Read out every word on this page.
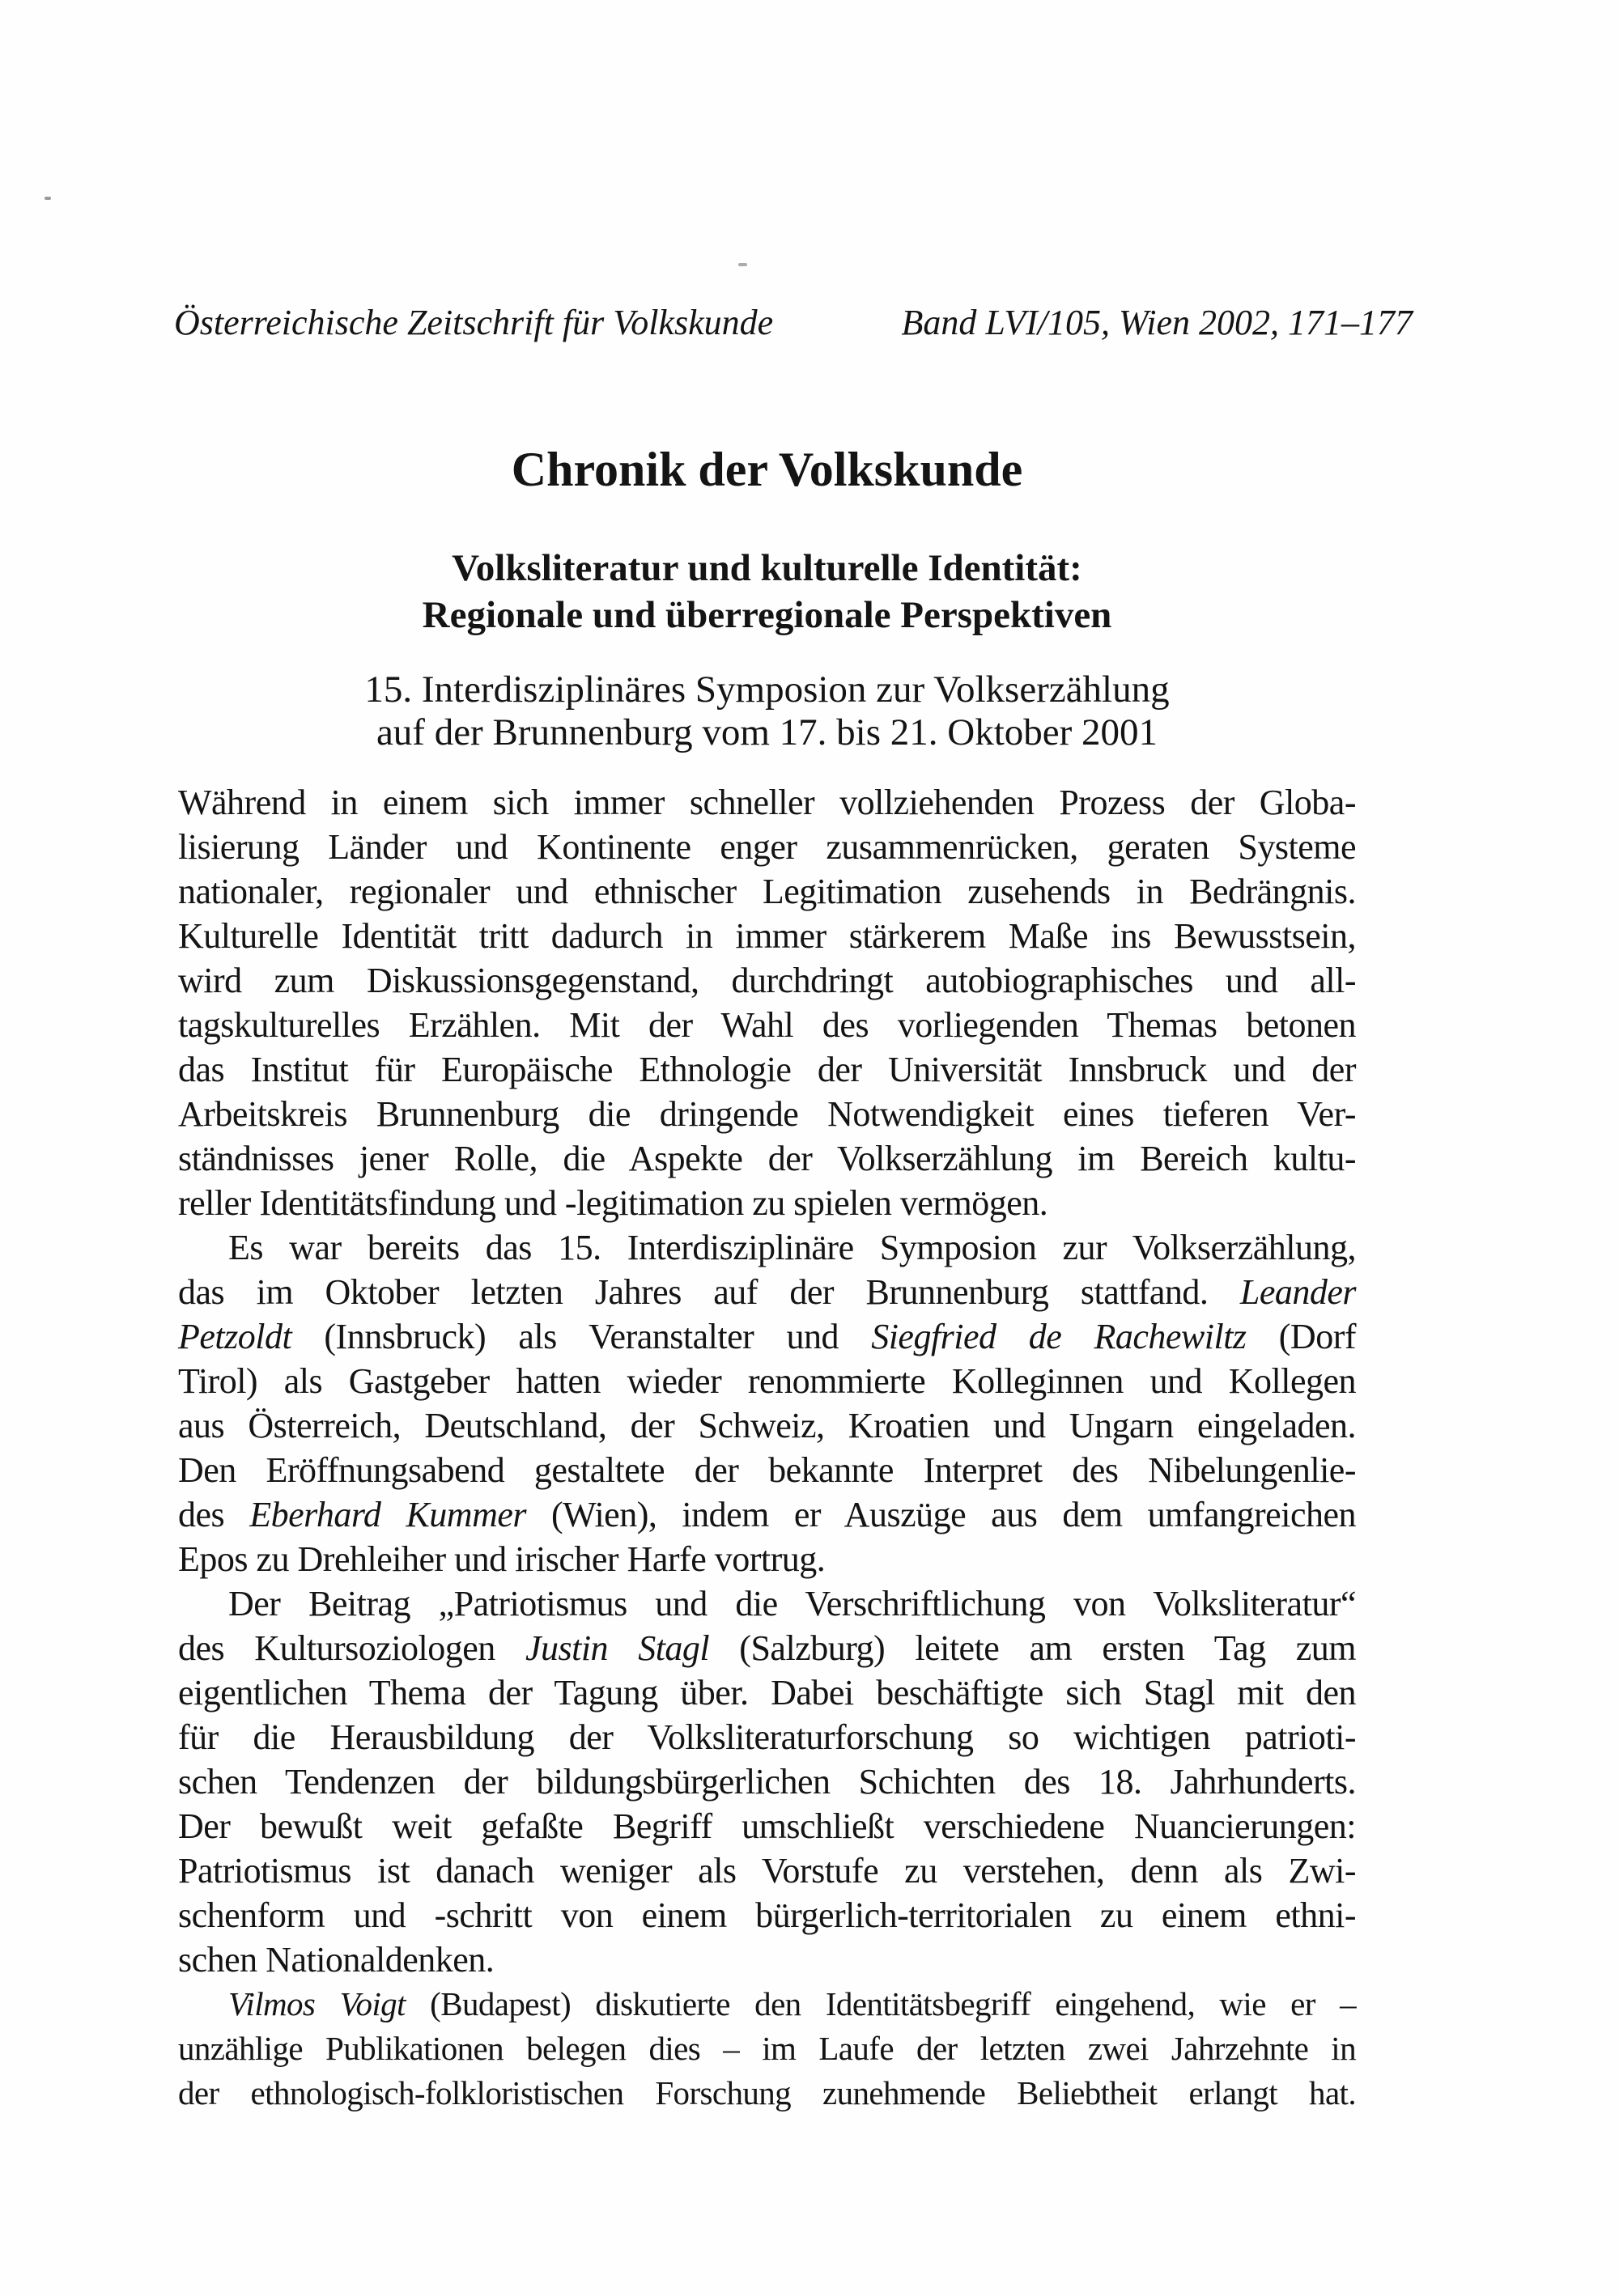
Österreichische Zeitschrift für Volkskunde	Band LVI/105, Wien 2002, 171–177
Chronik der Volkskunde
Volksliteratur und kulturelle Identität:
Regionale und überregionale Perspektiven
15. Interdisziplinäres Symposion zur Volkserzählung
auf der Brunnenburg vom 17. bis 21. Oktober 2001
Während in einem sich immer schneller vollziehenden Prozess der Globa-
lisierung Länder und Kontinente enger zusammenrücken, geraten Systeme
nationaler, regionaler und ethnischer Legitimation zusehends in Bedrängnis.
Kulturelle Identität tritt dadurch in immer stärkerem Maße ins Bewusstsein,
wird zum Diskussionsgegenstand, durchdringt autobiographisches und all-
tagskulturelles Erzählen. Mit der Wahl des vorliegenden Themas betonen
das Institut für Europäische Ethnologie der Universität Innsbruck und der
Arbeitskreis Brunnenburg die dringende Notwendigkeit eines tieferen Ver-
ständnisses jener Rolle, die Aspekte der Volkserzählung im Bereich kultu-
reller Identitätsfindung und -legitimation zu spielen vermögen.
Es war bereits das 15. Interdisziplinäre Symposion zur Volkserzählung,
das im Oktober letzten Jahres auf der Brunnenburg stattfand. Leander
Petzoldt (Innsbruck) als Veranstalter und Siegfried de Rachewiltz (Dorf
Tirol) als Gastgeber hatten wieder renommierte Kolleginnen und Kollegen
aus Österreich, Deutschland, der Schweiz, Kroatien und Ungarn eingeladen.
Den Eröffnungsabend gestaltete der bekannte Interpret des Nibelungenlie-
des Eberhard Kummer (Wien), indem er Auszüge aus dem umfangreichen
Epos zu Drehleiher und irischer Harfe vortrug.
Der Beitrag „Patriotismus und die Verschriftlichung von Volksliteratur“
des Kultursoziologen Justin Stagl (Salzburg) leitete am ersten Tag zum
eigentlichen Thema der Tagung über. Dabei beschäftigte sich Stagl mit den
für die Herausbildung der Volksliteraturforschung so wichtigen patrioti-
schen Tendenzen der bildungsbürgerlichen Schichten des 18. Jahrhunderts.
Der bewußt weit gefaßte Begriff umschließt verschiedene Nuancierungen:
Patriotismus ist danach weniger als Vorstufe zu verstehen, denn als Zwi-
schenform und -schritt von einem bürgerlich-territorialen zu einem ethni-
schen Nationaldenken.
Vilmos Voigt (Budapest) diskutierte den Identitätsbegriff eingehend, wie er –
unzählige Publikationen belegen dies – im Laufe der letzten zwei Jahrzehnte in
der ethnologisch-folkloristischen Forschung zunehmende Beliebtheit erlangt hat.
